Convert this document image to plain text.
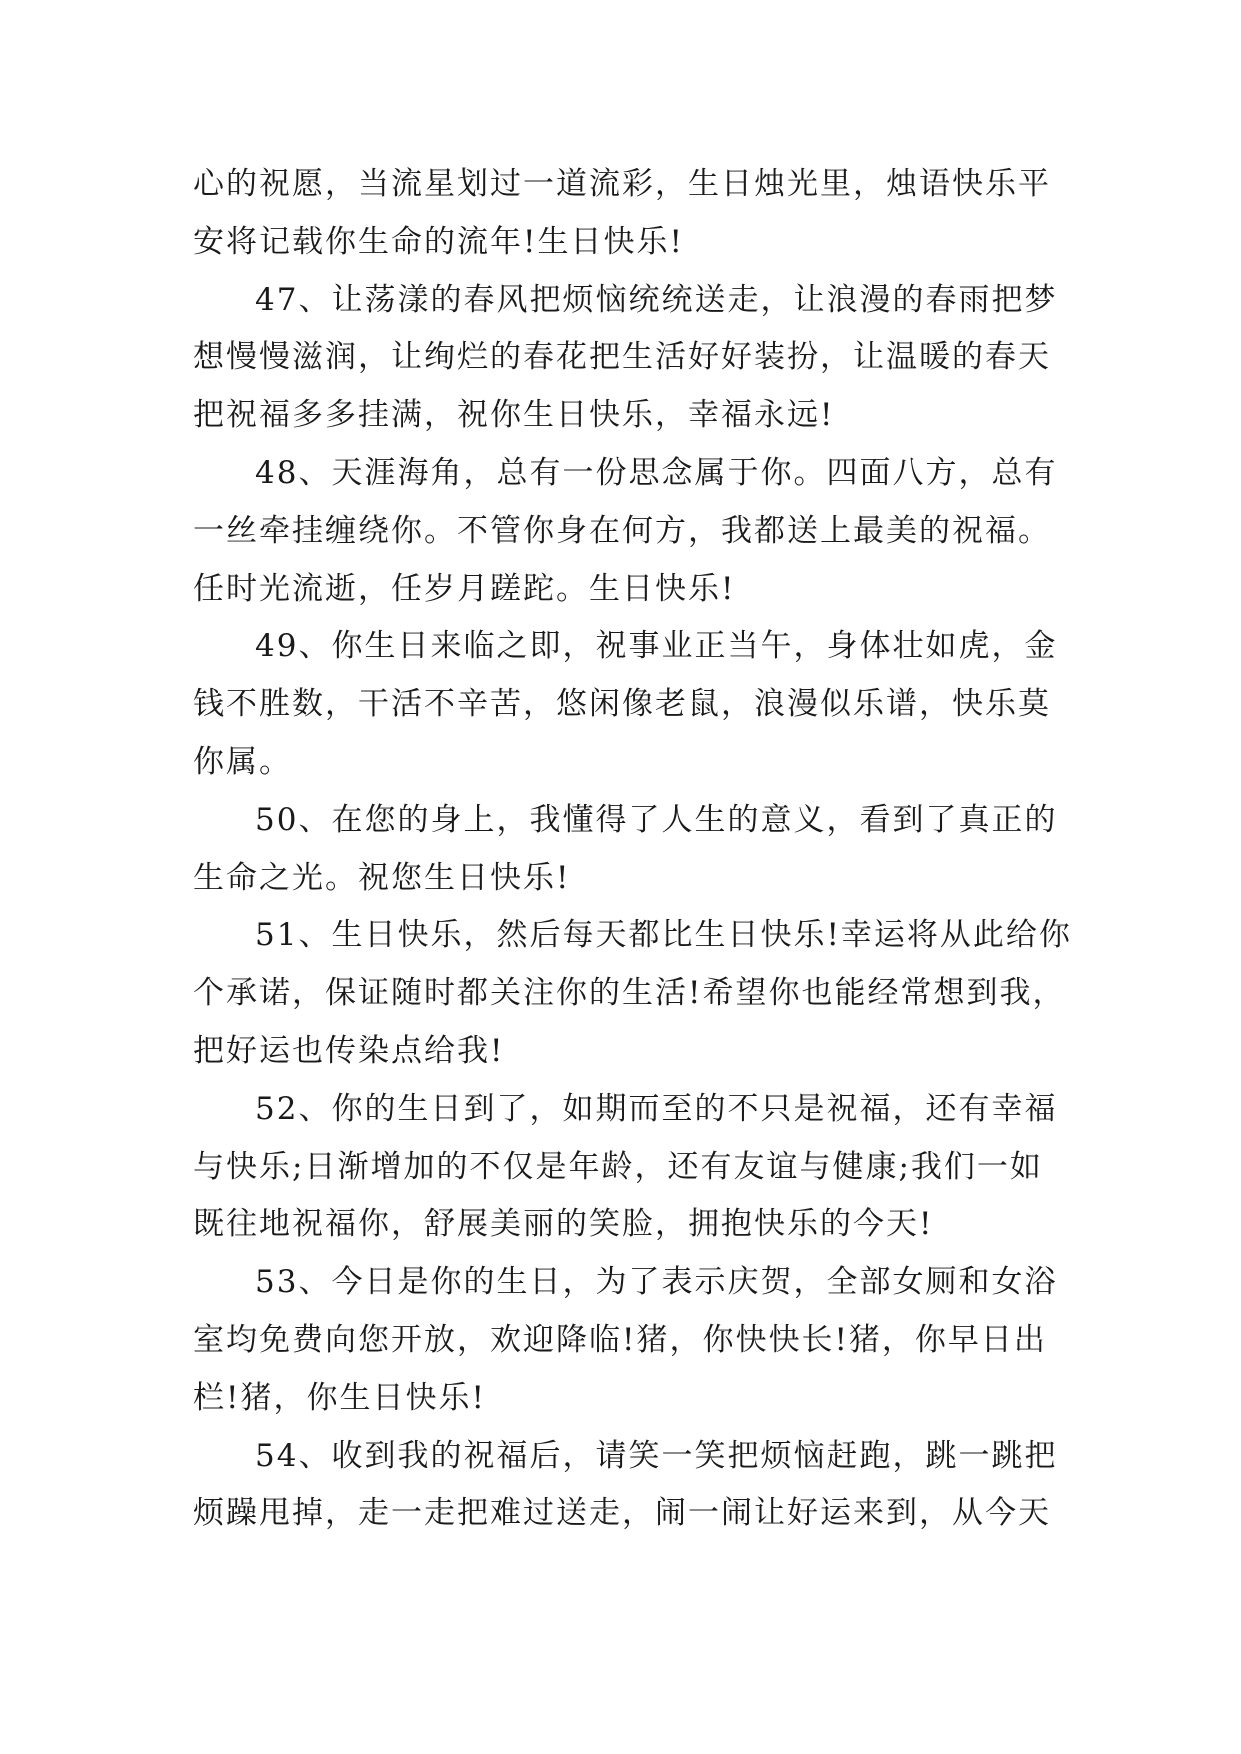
心的祝愿，当流星划过一道流彩，生日烛光里，烛语快乐平安将记载你生命的流年!生日快乐!

47、让荡漾的春风把烦恼统统送走，让浪漫的春雨把梦想慢慢滋润，让绚烂的春花把生活好好装扮，让温暖的春天把祝福多多挂满，祝你生日快乐，幸福永远!

48、天涯海角，总有一份思念属于你。四面八方，总有一丝牵挂缠绕你。不管你身在何方，我都送上最美的祝福。任时光流逝，任岁月蹉跎。生日快乐!

49、你生日来临之即，祝事业正当午，身体壮如虎，金钱不胜数，干活不辛苦，悠闲像老鼠，浪漫似乐谱，快乐莫你属。

50、在您的身上，我懂得了人生的意义，看到了真正的生命之光。祝您生日快乐!

51、生日快乐，然后每天都比生日快乐!幸运将从此给你个承诺，保证随时都关注你的生活!希望你也能经常想到我，把好运也传染点给我!

52、你的生日到了，如期而至的不只是祝福，还有幸福与快乐;日渐增加的不仅是年龄，还有友谊与健康;我们一如既往地祝福你，舒展美丽的笑脸，拥抱快乐的今天!

53、今日是你的生日，为了表示庆贺，全部女厕和女浴室均免费向您开放，欢迎降临!猪，你快快长!猪，你早日出栏!猪，你生日快乐!

54、收到我的祝福后，请笑一笑把烦恼赶跑，跳一跳把烦躁甩掉，走一走把难过送走，闹一闹让好运来到，从今天
